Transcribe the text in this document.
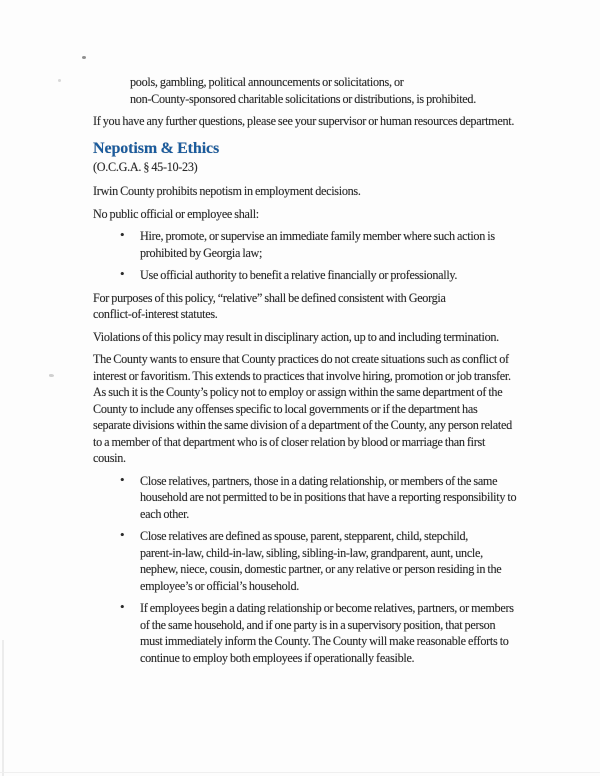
pools, gambling, political announcements or solicitations, or non‑County‑sponsored charitable solicitations or distributions, is prohibited.

If you have any further questions, please see your supervisor or human resources department.

Nepotism & Ethics

(O.C.G.A. § 45-10-23)

Irwin County prohibits nepotism in employment decisions.

No public official or employee shall:

• Hire, promote, or supervise an immediate family member where such action is prohibited by Georgia law;
• Use official authority to benefit a relative financially or professionally.

For purposes of this policy, “relative” shall be defined consistent with Georgia conflict‑of‑interest statutes.

Violations of this policy may result in disciplinary action, up to and including termination.

The County wants to ensure that County practices do not create situations such as conflict of interest or favoritism. This extends to practices that involve hiring, promotion or job transfer. As such it is the County’s policy not to employ or assign within the same department of the County to include any offenses specific to local governments or if the department has separate divisions within the same division of a department of the County, any person related to a member of that department who is of closer relation by blood or marriage than first cousin.

• Close relatives, partners, those in a dating relationship, or members of the same household are not permitted to be in positions that have a reporting responsibility to each other.
• Close relatives are defined as spouse, parent, stepparent, child, stepchild, parent‑in‑law, child‑in‑law, sibling, sibling‑in‑law, grandparent, aunt, uncle, nephew, niece, cousin, domestic partner, or any relative or person residing in the employee’s or official’s household.
• If employees begin a dating relationship or become relatives, partners, or members of the same household, and if one party is in a supervisory position, that person must immediately inform the County. The County will make reasonable efforts to continue to employ both employees if operationally feasible.
